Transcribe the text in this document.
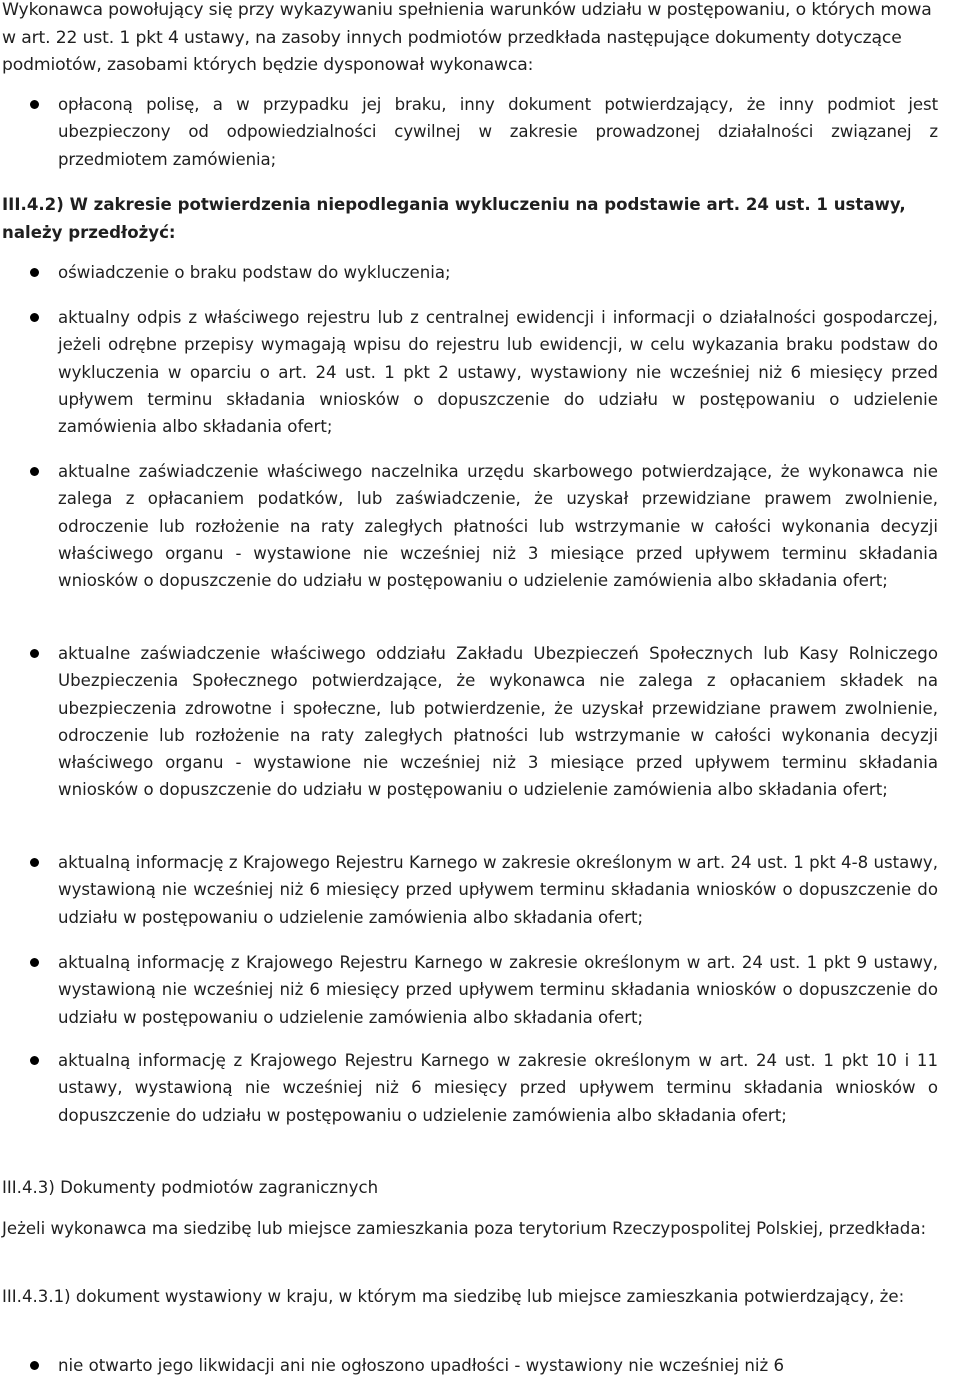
Wykonawca powołujący się przy wykazywaniu spełnienia warunków udziału w postępowaniu, o których mowa w art. 22 ust. 1 pkt 4 ustawy, na zasoby innych podmiotów przedkłada następujące dokumenty dotyczące podmiotów, zasobami których będzie dysponował wykonawca:

opłaconą polisę, a w przypadku jej braku, inny dokument potwierdzający, że inny podmiot jest ubezpieczony od odpowiedzialności cywilnej w zakresie prowadzonej działalności związanej z przedmiotem zamówienia;

III.4.2) W zakresie potwierdzenia niepodlegania wykluczeniu na podstawie art. 24 ust. 1 ustawy, należy przedłożyć:

oświadczenie o braku podstaw do wykluczenia;
aktualny odpis z właściwego rejestru lub z centralnej ewidencji i informacji o działalności gospodarczej, jeżeli odrębne przepisy wymagają wpisu do rejestru lub ewidencji, w celu wykazania braku podstaw do wykluczenia w oparciu o art. 24 ust. 1 pkt 2 ustawy, wystawiony nie wcześniej niż 6 miesięcy przed upływem terminu składania wniosków o dopuszczenie do udziału w postępowaniu o udzielenie zamówienia albo składania ofert;
aktualne zaświadczenie właściwego naczelnika urzędu skarbowego potwierdzające, że wykonawca nie zalega z opłacaniem podatków, lub zaświadczenie, że uzyskał przewidziane prawem zwolnienie, odroczenie lub rozłożenie na raty zaległych płatności lub wstrzymanie w całości wykonania decyzji właściwego organu - wystawione nie wcześniej niż 3 miesiące przed upływem terminu składania wniosków o dopuszczenie do udziału w postępowaniu o udzielenie zamówienia albo składania ofert;
aktualne zaświadczenie właściwego oddziału Zakładu Ubezpieczeń Społecznych lub Kasy Rolniczego Ubezpieczenia Społecznego potwierdzające, że wykonawca nie zalega z opłacaniem składek na ubezpieczenia zdrowotne i społeczne, lub potwierdzenie, że uzyskał przewidziane prawem zwolnienie, odroczenie lub rozłożenie na raty zaległych płatności lub wstrzymanie w całości wykonania decyzji właściwego organu - wystawione nie wcześniej niż 3 miesiące przed upływem terminu składania wniosków o dopuszczenie do udziału w postępowaniu o udzielenie zamówienia albo składania ofert;
aktualną informację z Krajowego Rejestru Karnego w zakresie określonym w art. 24 ust. 1 pkt 4-8 ustawy, wystawioną nie wcześniej niż 6 miesięcy przed upływem terminu składania wniosków o dopuszczenie do udziału w postępowaniu o udzielenie zamówienia albo składania ofert;
aktualną informację z Krajowego Rejestru Karnego w zakresie określonym w art. 24 ust. 1 pkt 9 ustawy, wystawioną nie wcześniej niż 6 miesięcy przed upływem terminu składania wniosków o dopuszczenie do udziału w postępowaniu o udzielenie zamówienia albo składania ofert;
aktualną informację z Krajowego Rejestru Karnego w zakresie określonym w art. 24 ust. 1 pkt 10 i 11 ustawy, wystawioną nie wcześniej niż 6 miesięcy przed upływem terminu składania wniosków o dopuszczenie do udziału w postępowaniu o udzielenie zamówienia albo składania ofert;

III.4.3) Dokumenty podmiotów zagranicznych

Jeżeli wykonawca ma siedzibę lub miejsce zamieszkania poza terytorium Rzeczypospolitej Polskiej, przedkłada:

III.4.3.1) dokument wystawiony w kraju, w którym ma siedzibę lub miejsce zamieszkania potwierdzający, że:

nie otwarto jego likwidacji ani nie ogłoszono upadłości - wystawiony nie wcześniej niż 6
